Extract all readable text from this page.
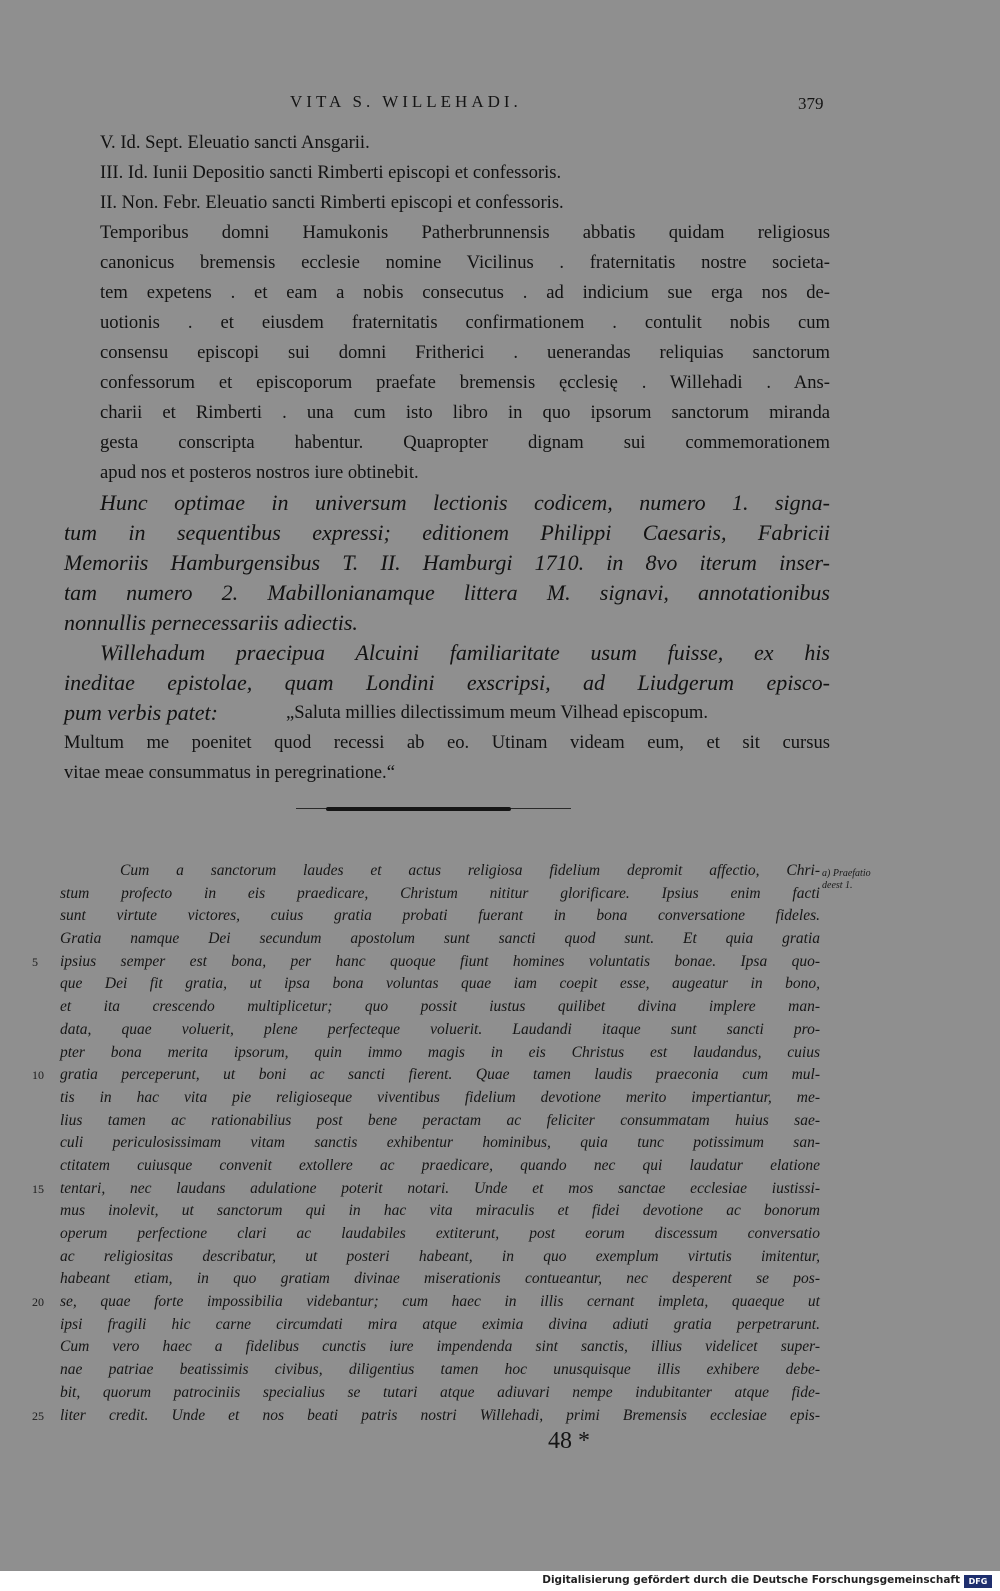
VITA S. WILLEHADI.	379
V. Id. Sept. Eleuatio sancti Ansgarii.
III. Id. Iunii Depositio sancti Rimberti episcopi et confessoris.
II. Non. Febr. Eleuatio sancti Rimberti episcopi et confessoris.
Temporibus domni Hamukonis Patherbrunnensis abbatis quidam religiosus
canonicus bremensis ecclesie nomine Vicilinus . fraternitatis nostre societa-
tem expetens . et eam a nobis consecutus . ad indicium sue erga nos de-
uotionis . et eiusdem fraternitatis confirmationem . contulit nobis cum
consensu episcopi sui domni Fritherici . uenerandas reliquias sanctorum
confessorum et episcoporum praefate bremensis ęcclesię . Willehadi . Ans-
charii et Rimberti . una cum isto libro in quo ipsorum sanctorum miranda
gesta conscripta habentur. Quapropter dignam sui commemorationem
apud nos et posteros nostros iure obtinebit.
Hunc optimae in universum lectionis codicem, numero 1. signa-
tum in sequentibus expressi; editionem Philippi Caesaris, Fabricii
Memoriis Hamburgensibus T. II. Hamburgi 1710. in 8vo iterum inser-
tam numero 2. Mabillonianamque littera M. signavi, annotationibus
nonnullis pernecessariis adiectis.
Willehadum praecipua Alcuini familiaritate usum fuisse, ex his
ineditae epistolae, quam Londini exscripsi, ad Liudgerum episco-
pum verbis patet:	„Saluta millies dilectissimum meum Vilhead episcopum.
Multum me poenitet quod recessi ab eo. Utinam videam eum, et sit cursus
vitae meae consummatus in peregrinatione.“
Cum a sanctorum laudes et actus religiosa fidelium depromit affectio, Chri-
stum profecto in eis praedicare, Christum nititur glorificare. Ipsius enim facti
sunt virtute victores, cuius gratia probati fuerant in bona conversatione fideles.
Gratia namque Dei secundum apostolum sunt sancti quod sunt. Et quia gratia
5 ipsius semper est bona, per hanc quoque fiunt homines voluntatis bonae. Ipsa quo-
que Dei fit gratia, ut ipsa bona voluntas quae iam coepit esse, augeatur in bono,
et ita crescendo multiplicetur; quo possit iustus quilibet divina implere man-
data, quae voluerit, plene perfecteque voluerit. Laudandi itaque sunt sancti pro-
pter bona merita ipsorum, quin immo magis in eis Christus est laudandus, cuius
10 gratia perceperunt, ut boni ac sancti fierent. Quae tamen laudis praeconia cum mul-
tis in hac vita pie religioseque viventibus fidelium devotione merito impertiantur, me-
lius tamen ac rationabilius post bene peractam ac feliciter consummatam huius sae-
culi periculosissimam vitam sanctis exhibentur hominibus, quia tunc potissimum san-
ctitatem cuiusque convenit extollere ac praedicare, quando nec qui laudatur elatione
15 tentari, nec laudans adulatione poterit notari. Unde et mos sanctae ecclesiae iustissi-
mus inolevit, ut sanctorum qui in hac vita miraculis et fidei devotione ac bonorum
operum perfectione clari ac laudabiles extiterunt, post eorum discessum conversatio
ac religiositas describatur, ut posteri habeant, in quo exemplum virtutis imitentur,
habeant etiam, in quo gratiam divinae miserationis contueantur, nec desperent se pos-
20 se, quae forte impossibilia videbantur; cum haec in illis cernant impleta, quaeque ut
ipsi fragili hic carne circumdati mira atque eximia divina adiuti gratia perpetrarunt.
Cum vero haec a fidelibus cunctis iure impendenda sint sanctis, illius videlicet super-
nae patriae beatissimis civibus, diligentius tamen hoc unusquisque illis exhibere debe-
bit, quorum patrociniis specialius se tutari atque adiuvari nempe indubitanter atque fide-
25 liter credit. Unde et nos beati patris nostri Willehadi, primi Bremensis ecclesiae epis-
a) Praefatio deest 1.
48 *
Digitalisierung gefördert durch die Deutsche Forschungsgemeinschaft	DFG
